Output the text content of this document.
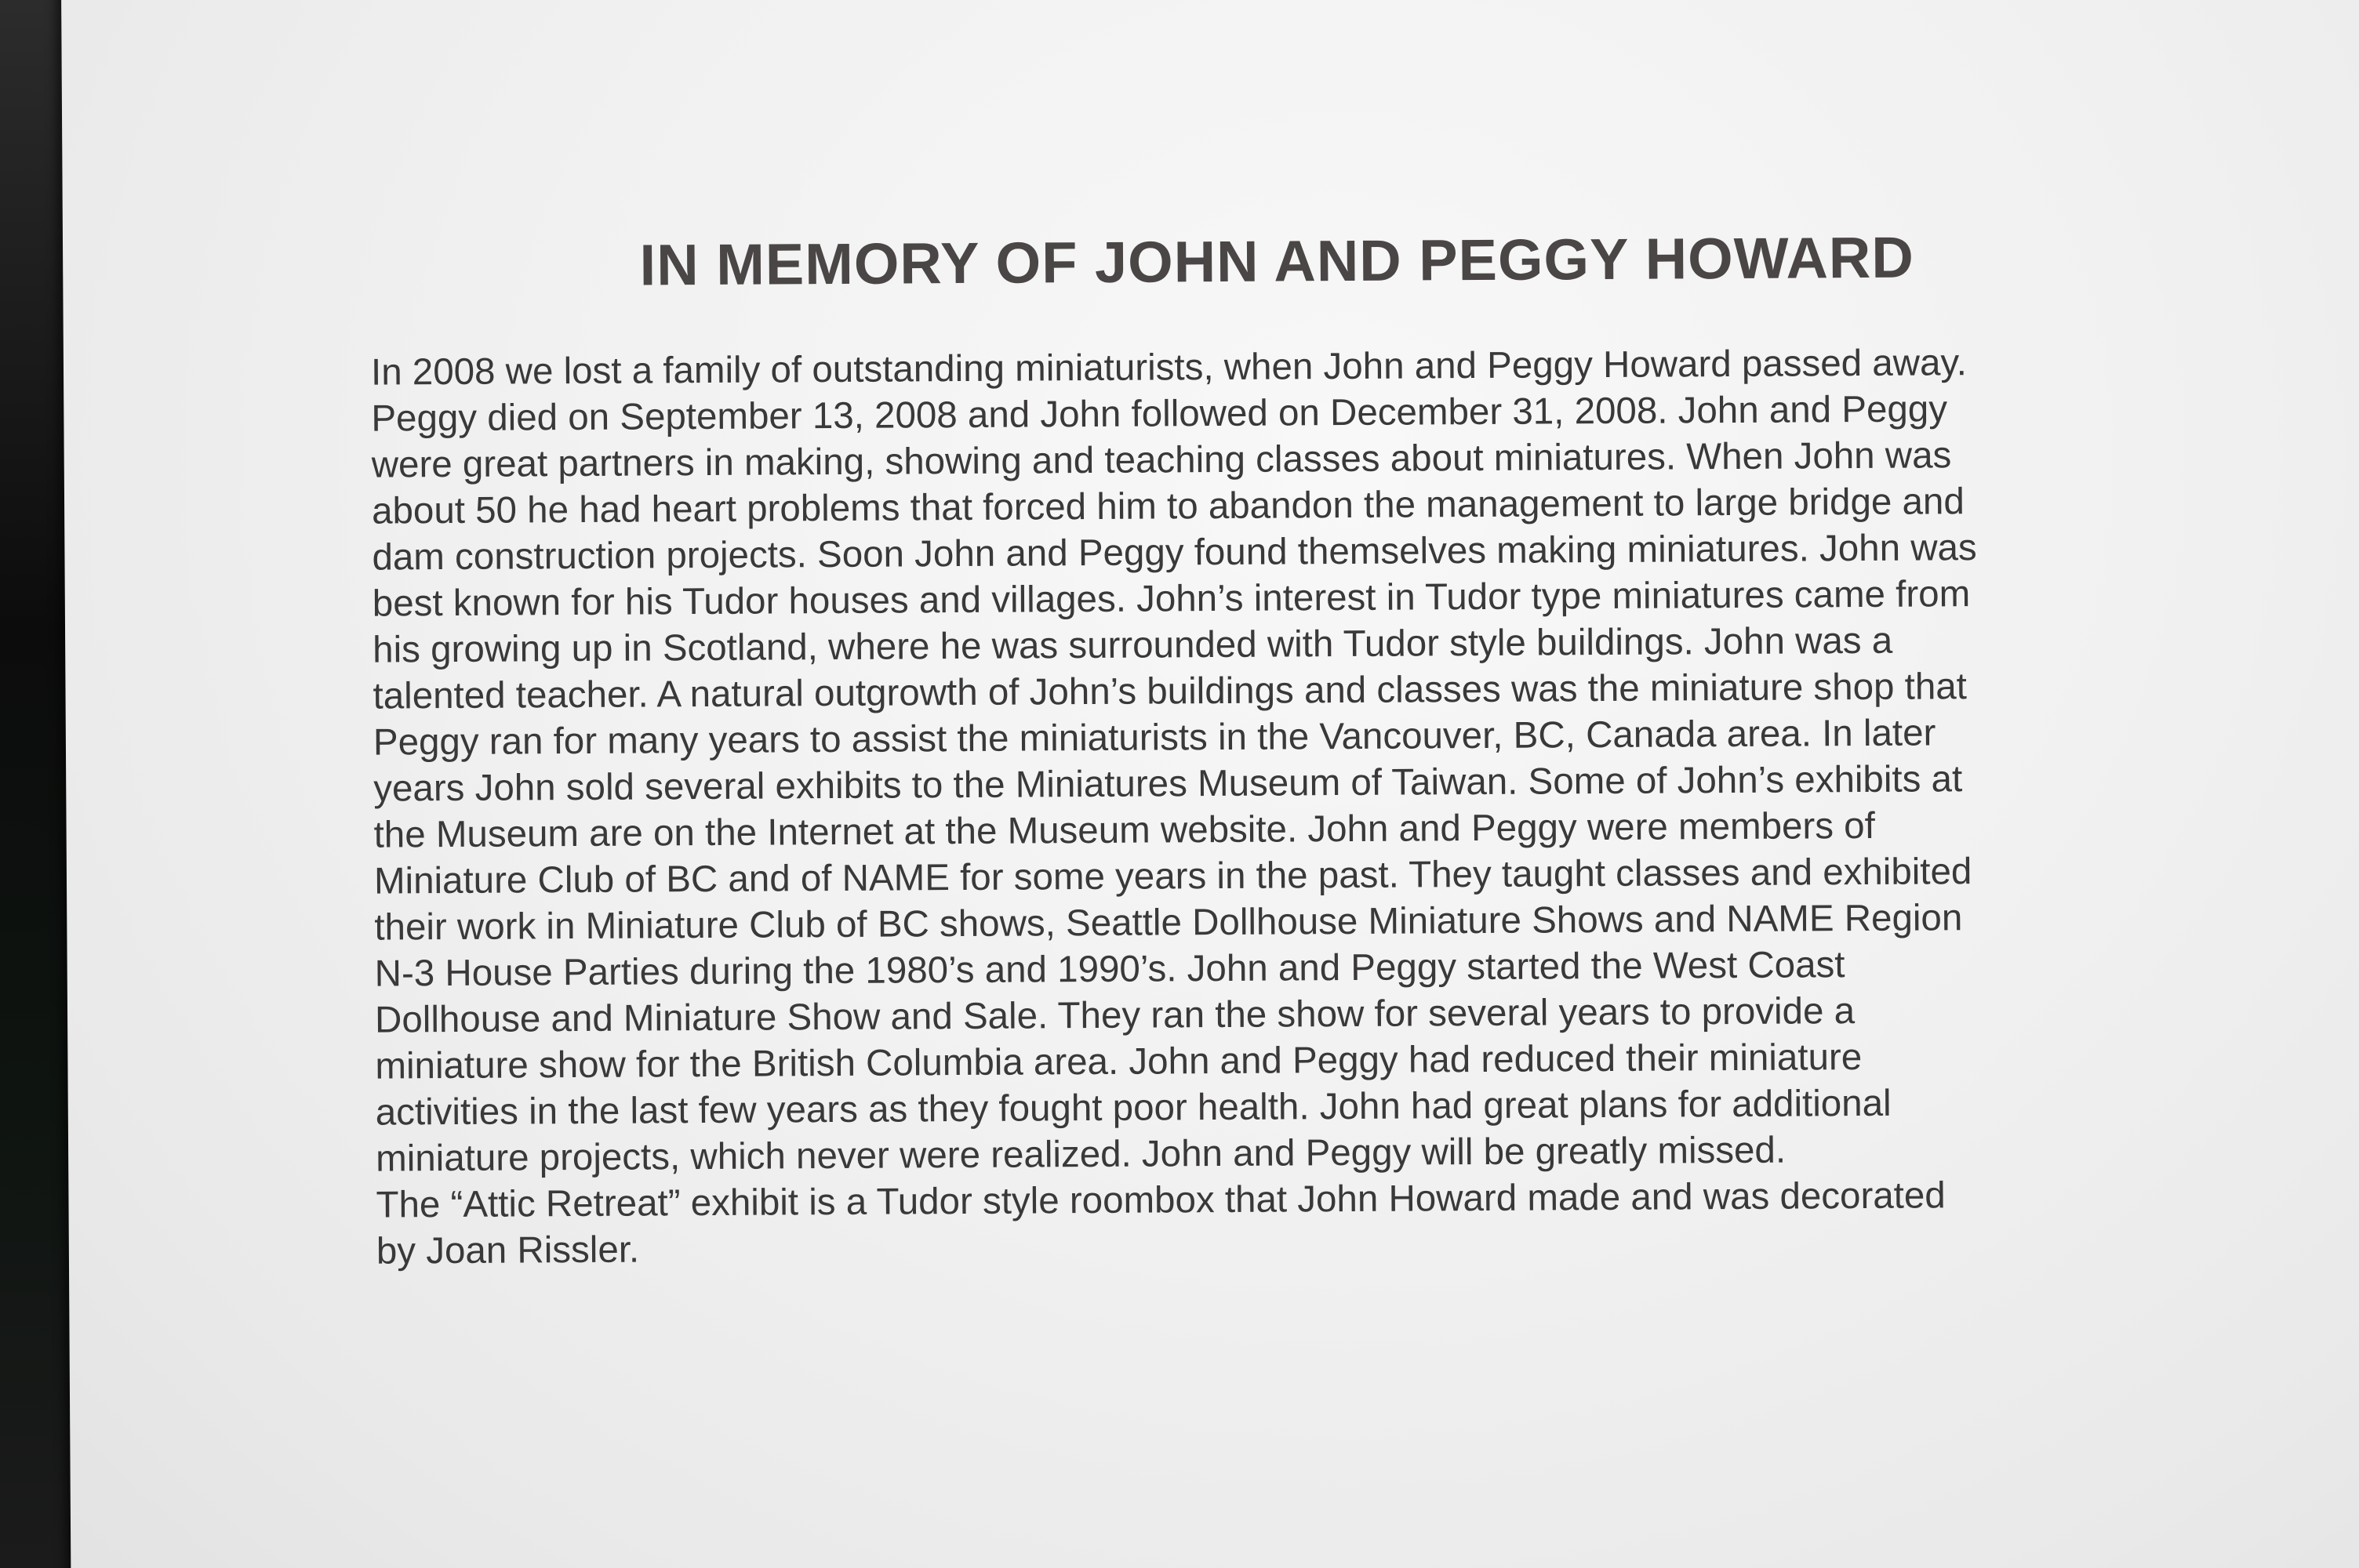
IN MEMORY OF JOHN AND PEGGY HOWARD
In 2008 we lost a family of outstanding miniaturists, when John and Peggy Howard passed away.
Peggy died on September 13, 2008 and John followed on December 31, 2008. John and Peggy
were great partners in making, showing and teaching classes about miniatures. When John was
about 50 he had heart problems that forced him to abandon the management to large bridge and
dam construction projects. Soon John and Peggy found themselves making miniatures. John was
best known for his Tudor houses and villages. John’s interest in Tudor type miniatures came from
his growing up in Scotland, where he was surrounded with Tudor style buildings. John was a
talented teacher. A natural outgrowth of John’s buildings and classes was the miniature shop that
Peggy ran for many years to assist the miniaturists in the Vancouver, BC, Canada area. In later
years John sold several exhibits to the Miniatures Museum of Taiwan. Some of John’s exhibits at
the Museum are on the Internet at the Museum website. John and Peggy were members of
Miniature Club of BC and of NAME for some years in the past. They taught classes and exhibited
their work in Miniature Club of BC shows, Seattle Dollhouse Miniature Shows and NAME Region
N-3 House Parties during the 1980’s and 1990’s. John and Peggy started the West Coast
Dollhouse and Miniature Show and Sale. They ran the show for several years to provide a
miniature show for the British Columbia area. John and Peggy had reduced their miniature
activities in the last few years as they fought poor health. John had great plans for additional
miniature projects, which never were realized. John and Peggy will be greatly missed.
The “Attic Retreat” exhibit is a Tudor style roombox that John Howard made and was decorated
by Joan Rissler.
